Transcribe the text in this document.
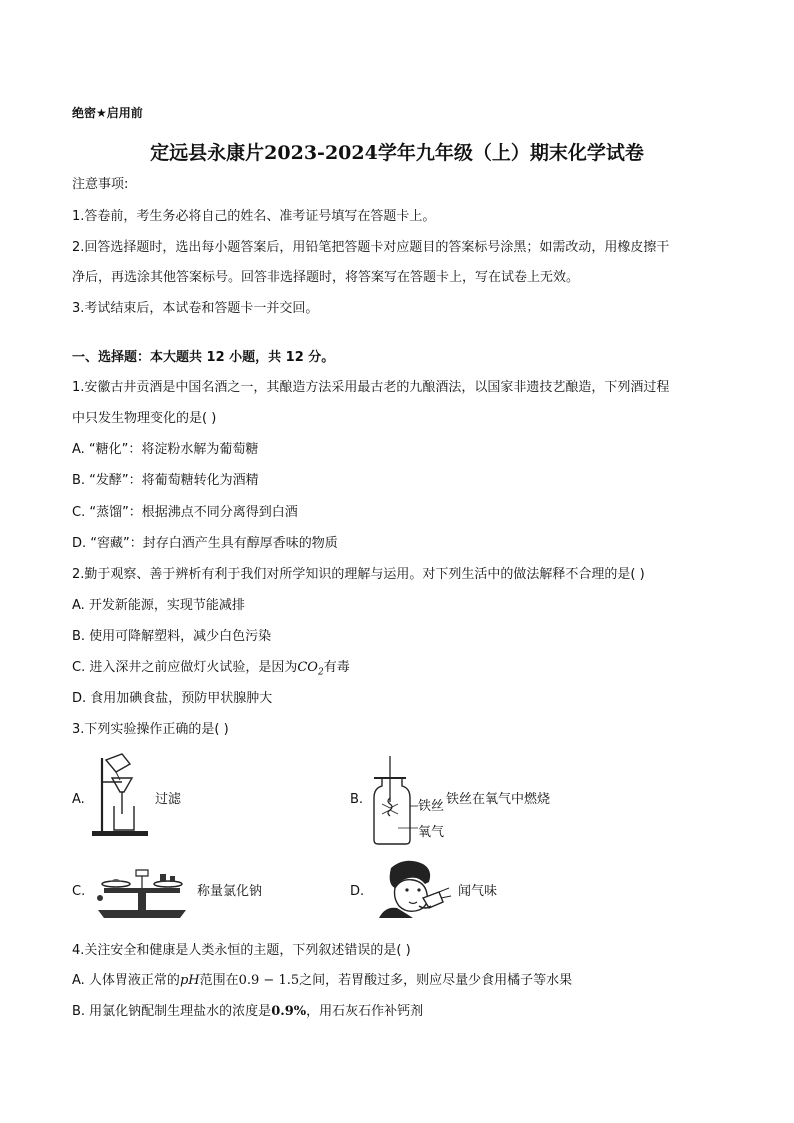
绝密★启用前
定远县永康片2023-2024学年九年级（上）期末化学试卷
注意事项:
1.答卷前，考生务必将自己的姓名、准考证号填写在答题卡上。
2.回答选择题时，选出每小题答案后，用铅笔把答题卡对应题目的答案标号涂黑；如需改动，用橡皮擦干
净后，再选涂其他答案标号。回答非选择题时，将答案写在答题卡上，写在试卷上无效。
3.考试结束后，本试卷和答题卡一并交回。
一、选择题：本大题共 12 小题，共 12 分。
1.安徽古井贡酒是中国名酒之一，其酿造方法采用最古老的九酿酒法，以国家非遗技艺酿造，下列酒过程
中只发生物理变化的是( )
A. “糖化”：将淀粉水解为葡萄糖
B. “发酵”：将葡萄糖转化为酒精
C. “蒸馏”：根据沸点不同分离得到白酒
D. “窖藏”：封存白酒产生具有醇厚香味的物质
2.勤于观察、善于辨析有利于我们对所学知识的理解与运用。对下列生活中的做法解释不合理的是( )
A. 开发新能源，实现节能减排
B. 使用可降解塑料，减少白色污染
C. 进入深井之前应做灯火试验，是因为$CO_2$有毒
D. 食用加碘食盐，预防甲状腺肿大
3.下列实验操作正确的是( )
A.	过滤	B.	铁丝
氧气
铁丝在氧气中燃烧
C.	称量氯化钠	D.	闻气味
4.关注安全和健康是人类永恒的主题，下列叙述错误的是( )
A. 人体胃液正常的pH范围在0.9 − 1.5之间，若胃酸过多，则应尽量少食用橘子等水果
B. 用氯化钠配制生理盐水的浓度是0.9%，用石灰石作补钙剂
